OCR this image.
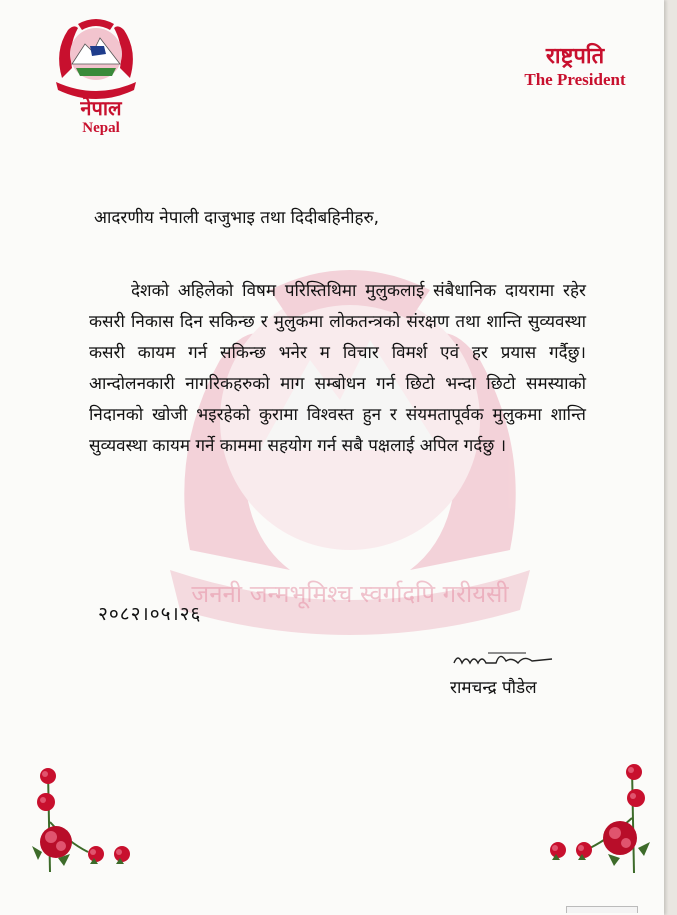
जननी जन्मभूमिश्च स्वर्गादपि गरीयसी
नेपाल
Nepal
राष्ट्रपति
The President
आदरणीय नेपाली दाजुभाइ तथा दिदीबहिनीहरु,

देशको अहिलेको विषम परिस्तिथिमा मुलुकलाई संबैधानिक दायरामा रहेर कसरी निकास दिन सकिन्छ र मुलुकमा लोकतन्त्रको संरक्षण तथा शान्ति सुव्यवस्था कसरी कायम गर्न सकिन्छ भनेर म विचार विमर्श एवं हर प्रयास गर्दैछु। आन्दोलनकारी नागरिकहरुको माग सम्बोधन गर्न छिटो भन्दा छिटो समस्याको निदानको खोजी भइरहेको कुरामा विश्वस्त हुन र संयमतापूर्वक मुलुकमा शान्ति सुव्यवस्था कायम गर्ने काममा सहयोग गर्न सबै पक्षलाई अपिल गर्दछु ।

२०८२।०५।२६
रामचन्द्र पौडेल
